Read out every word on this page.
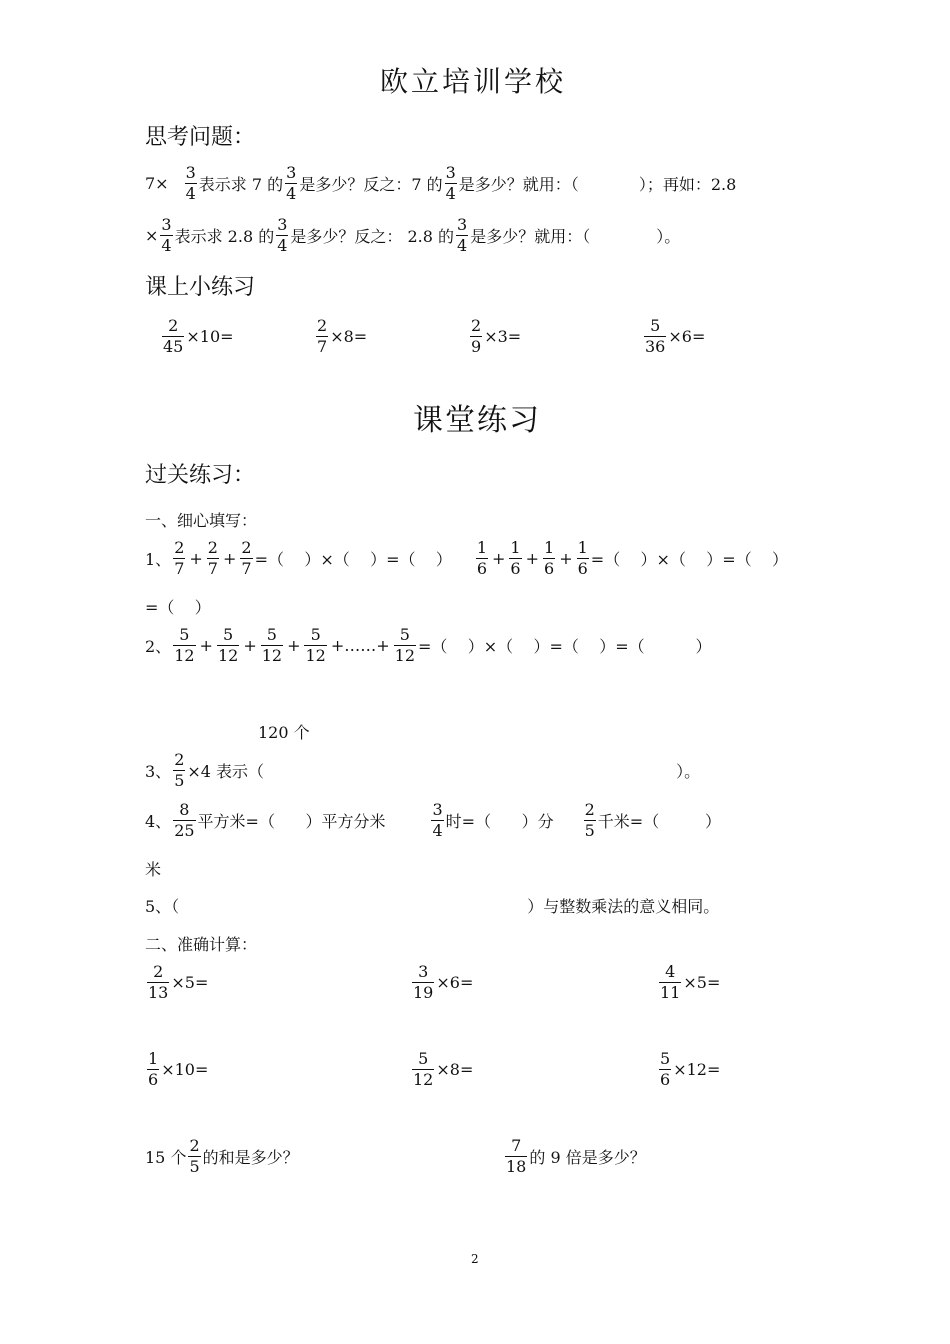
欧立培训学校
思考问题：
$7\times \frac{3}{4}$ 表示求 7 的 $\frac{3}{4}$ 是多少？反之：7 的 $\frac{3}{4}$ 是多少？就用：（	）；再如：2.8
× $\frac{3}{4}$ 表示求 2.8 的 $\frac{3}{4}$ 是多少？反之： 2.8 的 $\frac{3}{4}$ 是多少？就用：（	）。
课上小练习
$\frac{2}{45} \times 10=$	$\frac{2}{7} \times 8=$	$\frac{2}{9} \times 3=$	$\frac{5}{36} \times 6=$
课堂练习
过关练习：
一、细心填写：
1、 $\frac{2}{7} + \frac{2}{7} + \frac{2}{7}$ =（    ）×（    ）=（    ） $\frac{1}{6} + \frac{1}{6} + \frac{1}{6} + \frac{1}{6}$ =（    ）×（    ）=（    ）
=（    ）
2、 $\frac{5}{12} + \frac{5}{12} + \frac{5}{12} + \frac{5}{12}$ +……+ $\frac{5}{12}$ =（    ）×（    ）=（    ）=（          ）
120 个
3、 $\frac{2}{5} \times 4$ 表示（	）。
4、 $\frac{8}{25}$ 平方米=（      ）平方分米	$\frac{3}{4}$ 时=（      ）分 $\frac{2}{5}$ 千米=（         ）
米
5、（	）与整数乘法的意义相同。
二、准确计算：
$\frac{2}{13} \times 5=$	$\frac{3}{19} \times 6=$	$\frac{4}{11} \times 5=$
$\frac{1}{6} \times 10=$	$\frac{5}{12} \times 8=$	$\frac{5}{6} \times 12=$
15 个 $\frac{2}{5}$ 的和是多少？	$\frac{7}{18}$ 的 9 倍是多少？
2
